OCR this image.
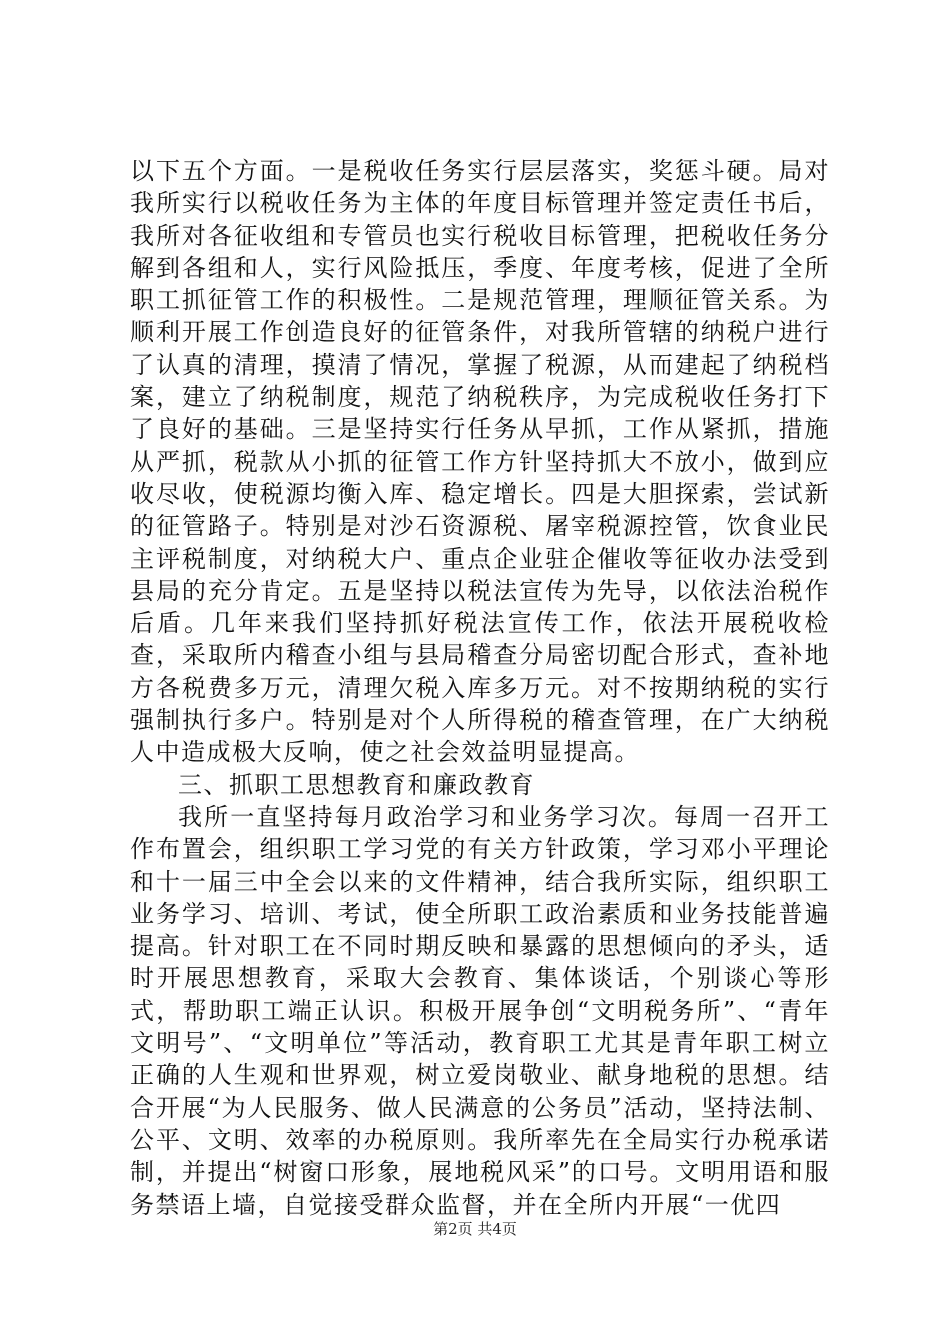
以下五个方面。一是税收任务实行层层落实，奖惩斗硬。局对我所实行以税收任务为主体的年度目标管理并签定责任书后，我所对各征收组和专管员也实行税收目标管理，把税收任务分解到各组和人，实行风险抵压，季度、年度考核，促进了全所职工抓征管工作的积极性。二是规范管理，理顺征管关系。为顺利开展工作创造良好的征管条件，对我所管辖的纳税户进行了认真的清理，摸清了情况，掌握了税源，从而建起了纳税档案，建立了纳税制度，规范了纳税秩序，为完成税收任务打下了良好的基础。三是坚持实行任务从早抓，工作从紧抓，措施从严抓，税款从小抓的征管工作方针坚持抓大不放小，做到应收尽收，使税源均衡入库、稳定增长。四是大胆探索，尝试新的征管路子。特别是对沙石资源税、屠宰税源控管，饮食业民主评税制度，对纳税大户、重点企业驻企催收等征收办法受到县局的充分肯定。五是坚持以税法宣传为先导，以依法治税作后盾。几年来我们坚持抓好税法宣传工作，依法开展税收检查，采取所内稽查小组与县局稽查分局密切配合形式，查补地方各税费多万元，清理欠税入库多万元。对不按期纳税的实行强制执行多户。特别是对个人所得税的稽查管理，在广大纳税人中造成极大反响，使之社会效益明显提高。

三、抓职工思想教育和廉政教育

我所一直坚持每月政治学习和业务学习次。每周一召开工作布置会，组织职工学习党的有关方针政策，学习邓小平理论和十一届三中全会以来的文件精神，结合我所实际，组织职工业务学习、培训、考试，使全所职工政治素质和业务技能普遍提高。针对职工在不同时期反映和暴露的思想倾向的矛头，适时开展思想教育，采取大会教育、集体谈话，个别谈心等形式，帮助职工端正认识。积极开展争创“文明税务所”、“青年文明号”、“文明单位”等活动，教育职工尤其是青年职工树立正确的人生观和世界观，树立爱岗敬业、献身地税的思想。结合开展“为人民服务、做人民满意的公务员”活动，坚持法制、公平、文明、效率的办税原则。我所率先在全局实行办税承诺制，并提出“树窗口形象，展地税风采”的口号。文明用语和服务禁语上墙，自觉接受群众监督，并在全所内开展“一优四

第2页 共4页
